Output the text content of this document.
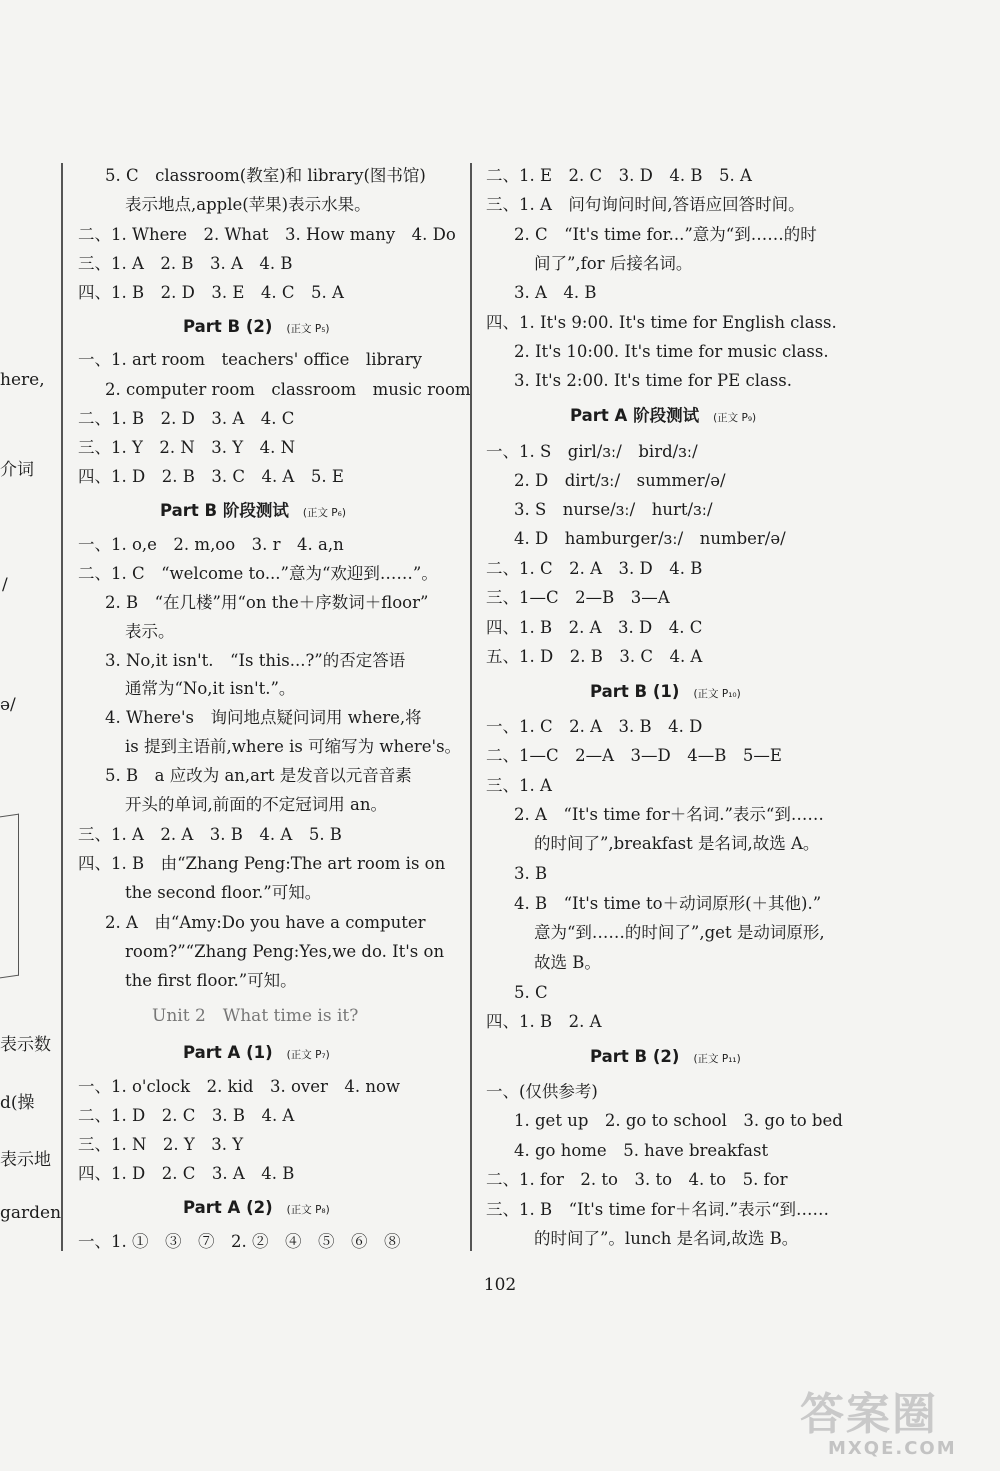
here,
介词
/
ə/
表示数
d(操
表示地
garden
5. C　classroom(教室)和 library(图书馆)
表示地点,apple(苹果)表示水果。
二、1. Where　2. What　3. How many　4. Do
三、1. A　2. B　3. A　4. B
四、1. B　2. D　3. E　4. C　5. A
Part B (2) (正文 P₅)
一、1. art room　teachers' office　library
2. computer room　classroom　music room
二、1. B　2. D　3. A　4. C
三、1. Y　2. N　3. Y　4. N
四、1. D　2. B　3. C　4. A　5. E
Part B 阶段测试 (正文 P₆)
一、1. o,e　2. m,oo　3. r　4. a,n
二、1. C　“welcome to...”意为“欢迎到……”。
2. B　“在几楼”用“on the＋序数词＋floor”
表示。
3. No,it isn't.　“Is this...?”的否定答语
通常为“No,it isn't.”。
4. Where's　询问地点疑问词用 where,将
is 提到主语前,where is 可缩写为 where's。
5. B　a 应改为 an,art 是发音以元音音素
开头的单词,前面的不定冠词用 an。
三、1. A　2. A　3. B　4. A　5. B
四、1. B　由“Zhang Peng:The art room is on
the second floor.”可知。
2. A　由“Amy:Do you have a computer
room?”“Zhang Peng:Yes,we do. It's on
the first floor.”可知。
Unit 2　What time is it?
Part A (1) (正文 P₇)
一、1. o'clock　2. kid　3. over　4. now
二、1. D　2. C　3. B　4. A
三、1. N　2. Y　3. Y
四、1. D　2. C　3. A　4. B
Part A (2) (正文 P₈)
一、1. ①　③　⑦　2. ②　④　⑤　⑥　⑧
二、1. E　2. C　3. D　4. B　5. A
三、1. A　问句询问时间,答语应回答时间。
2. C　“It's time for...”意为“到……的时
间了”,for 后接名词。
3. A　4. B
四、1. It's 9:00. It's time for English class.
2. It's 10:00. It's time for music class.
3. It's 2:00. It's time for PE class.
Part A 阶段测试 (正文 P₉)
一、1. S　girl/ɜː/　bird/ɜː/
2. D　dirt/ɜː/　summer/ə/
3. S　nurse/ɜː/　hurt/ɜː/
4. D　hamburger/ɜː/　number/ə/
二、1. C　2. A　3. D　4. B
三、1—C　2—B　3—A
四、1. B　2. A　3. D　4. C
五、1. D　2. B　3. C　4. A
Part B (1) (正文 P₁₀)
一、1. C　2. A　3. B　4. D
二、1—C　2—A　3—D　4—B　5—E
三、1. A
2. A　“It's time for＋名词.”表示“到……
的时间了”,breakfast 是名词,故选 A。
3. B
4. B　“It's time to＋动词原形(＋其他).”
意为“到……的时间了”,get 是动词原形,
故选 B。
5. C
四、1. B　2. A
Part B (2) (正文 P₁₁)
一、(仅供参考)
1. get up　2. go to school　3. go to bed
4. go home　5. have breakfast
二、1. for　2. to　3. to　4. to　5. for
三、1. B　“It's time for＋名词.”表示“到……
的时间了”。lunch 是名词,故选 B。
102
答案圈
MXQE.COM
